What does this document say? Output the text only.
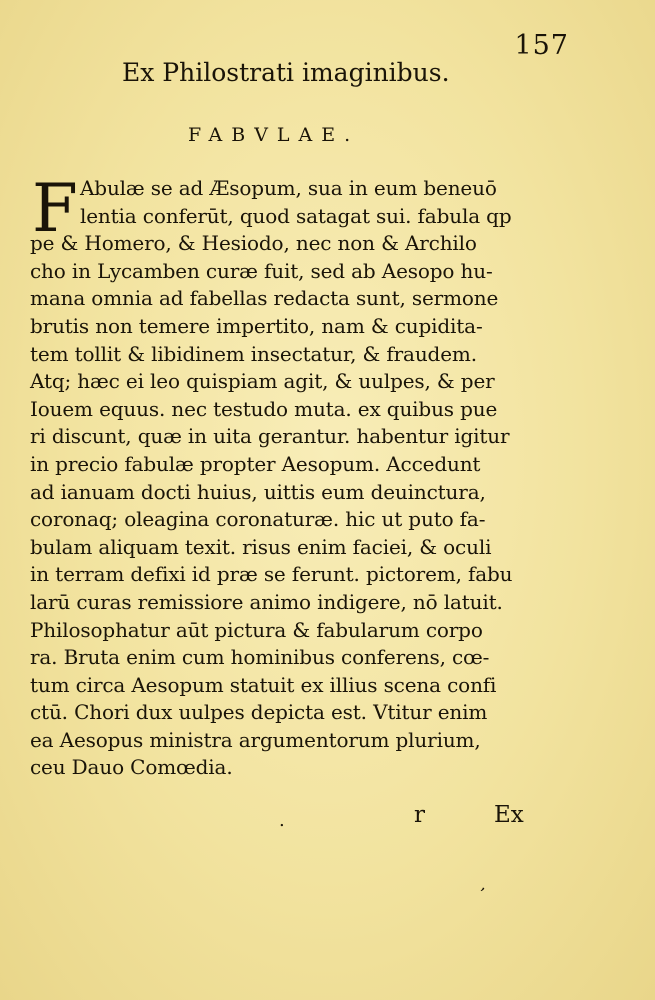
157
Ex Philostrati imaginibus.
FABVLAE.
F Abulæ se ad Æsopum, sua in eum beneuō
lentia conferūt, quod satagat sui. fabula qp
pe & Homero, & Hesiodo, nec non & Archilo
cho in Lycamben curæ fuit, sed ab Aesopo hu-
mana omnia ad fabellas redacta sunt, sermone
brutis non temere impertito, nam & cupidita-
tem tollit & libidinem insectatur, & fraudem.
Atq; hæc ei leo quispiam agit, & uulpes, & per
Iouem equus. nec testudo muta. ex quibus pue
ri discunt, quæ in uita gerantur. habentur igitur
in precio fabulæ propter Aesopum. Accedunt
ad ianuam docti huius, uittis eum deuinctura,
coronaq; oleagina coronaturæ. hic ut puto fa-
bulam aliquam texit. risus enim faciei, & oculi
in terram defixi id præ se ferunt. pictorem, fabu
larū curas remissiore animo indigere, nō latuit.
Philosophatur aūt pictura & fabularum corpo
ra. Bruta enim cum hominibus conferens, cœ-
tum circa Aesopum statuit ex illius scena confi
ctū. Chori dux uulpes depicta est. Vtitur enim
ea Aesopus ministra argumentorum plurium,
ceu Dauo Comœdia.
.	r	Ex
ʼ
